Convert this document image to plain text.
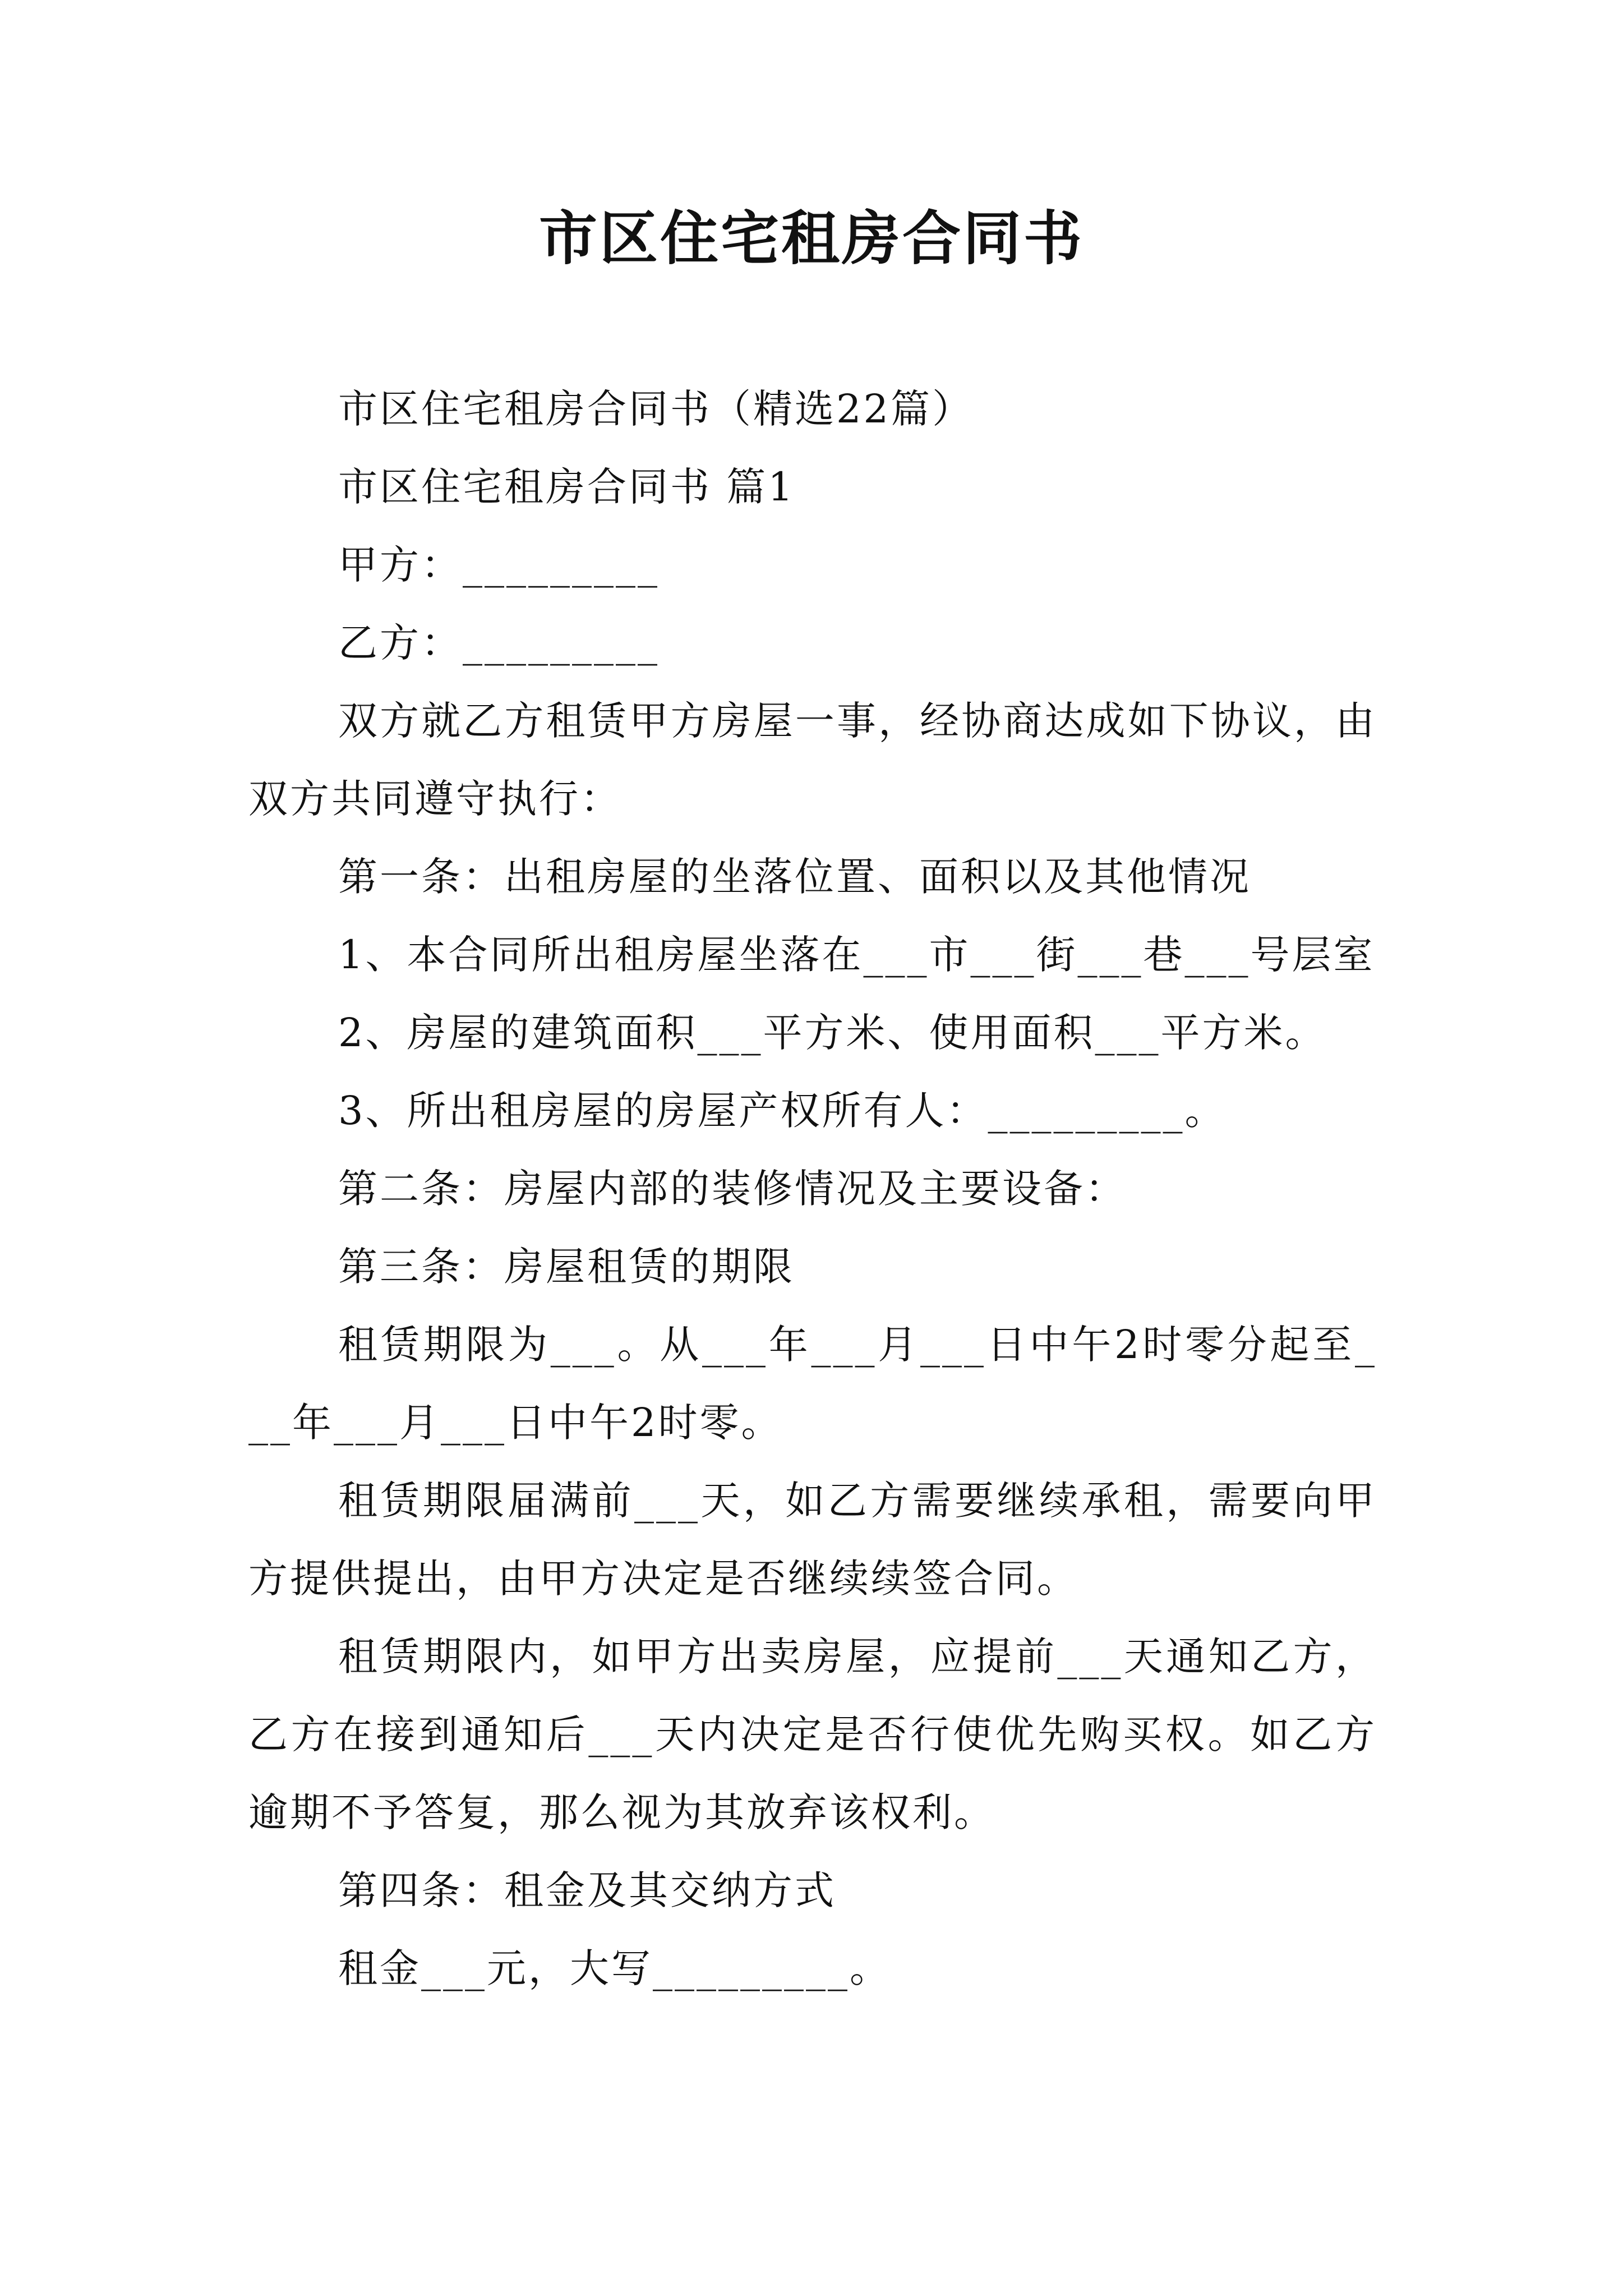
市区住宅租房合同书

市区住宅租房合同书（精选22篇）

市区住宅租房合同书 篇1

甲方：_________

乙方：_________

双方就乙方租赁甲方房屋一事，经协商达成如下协议，由双方共同遵守执行：

第一条：出租房屋的坐落位置、面积以及其他情况

1、本合同所出租房屋坐落在___市___街___巷___号层室

2、房屋的建筑面积___平方米、使用面积___平方米。

3、所出租房屋的房屋产权所有人：_________。

第二条：房屋内部的装修情况及主要设备：

第三条：房屋租赁的期限

租赁期限为___。从___年___月___日中午2时零分起至___年___月___日中午2时零。

租赁期限届满前___天，如乙方需要继续承租，需要向甲方提供提出，由甲方决定是否继续续签合同。

租赁期限内，如甲方出卖房屋，应提前___天通知乙方，乙方在接到通知后___天内决定是否行使优先购买权。如乙方逾期不予答复，那么视为其放弃该权利。

第四条：租金及其交纳方式

租金___元，大写_________。
